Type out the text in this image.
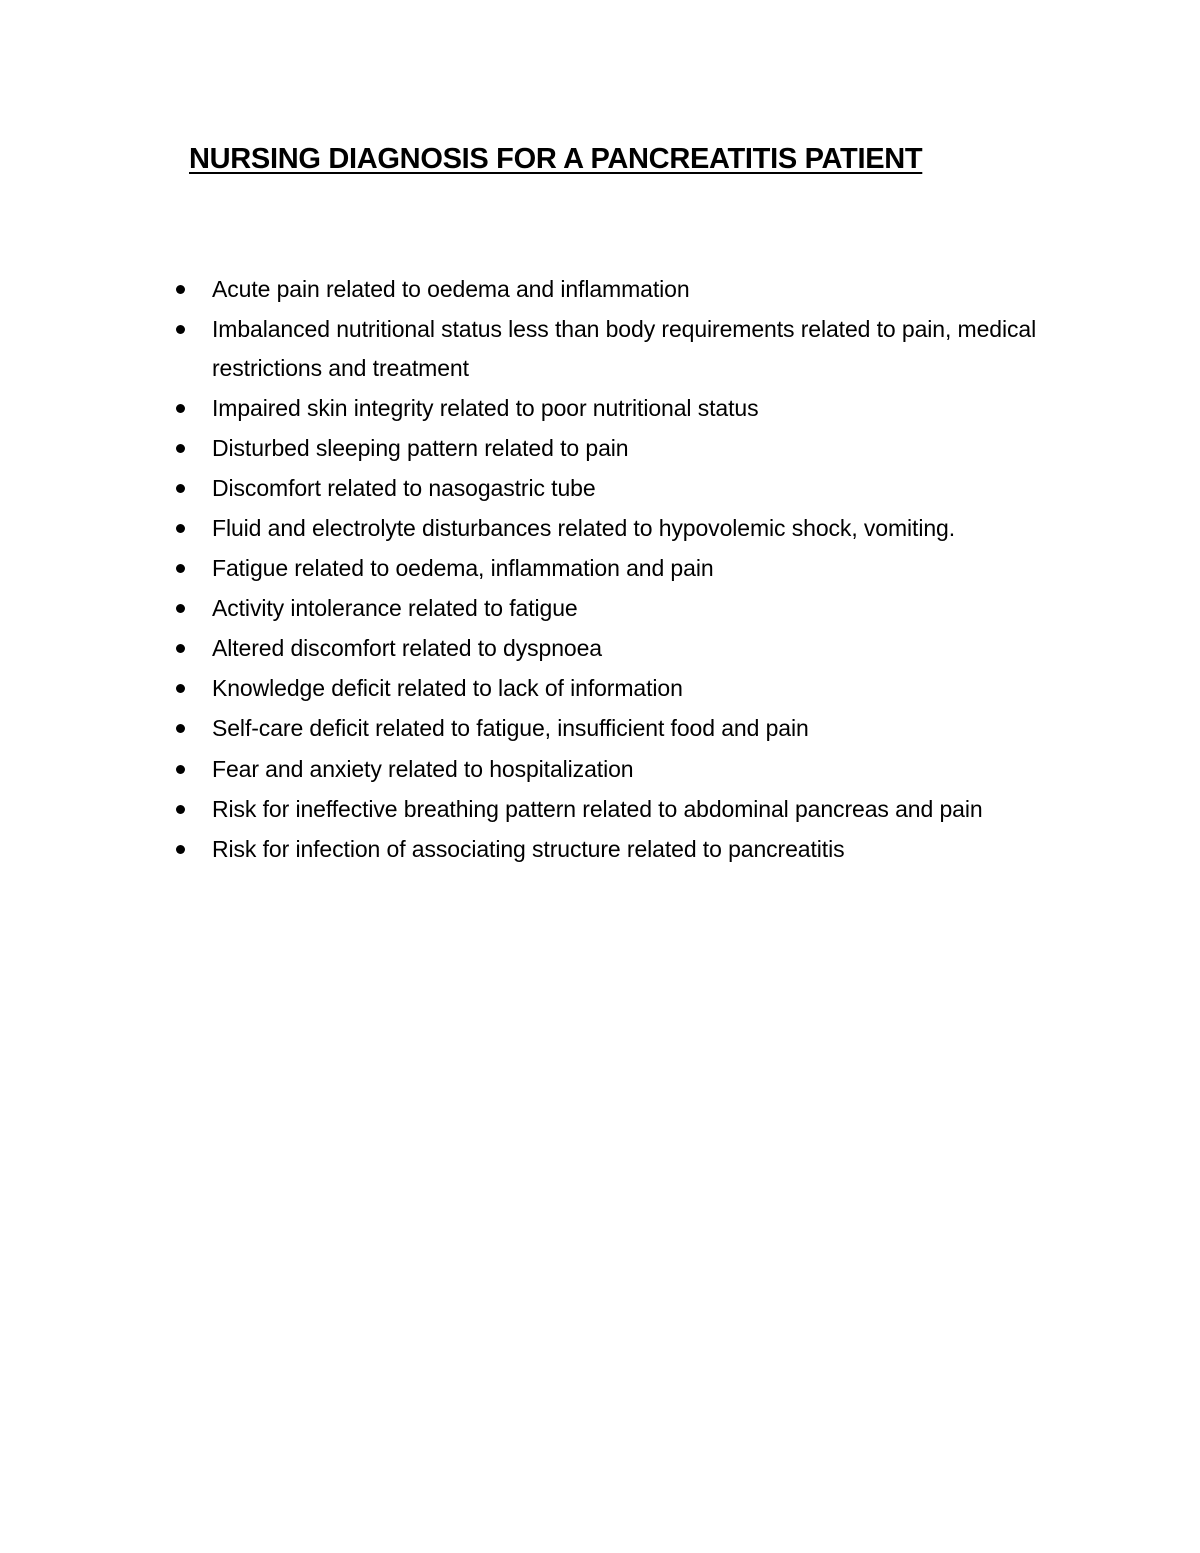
NURSING DIAGNOSIS FOR A PANCREATITIS PATIENT
Acute pain related to oedema and inflammation
Imbalanced nutritional status less than body requirements related to pain, medical restrictions and treatment
Impaired skin integrity related to poor nutritional status
Disturbed sleeping pattern related to pain
Discomfort related to nasogastric tube
Fluid and electrolyte disturbances related to hypovolemic shock, vomiting.
Fatigue related to oedema, inflammation and pain
Activity intolerance related to fatigue
Altered discomfort related to dyspnoea
Knowledge deficit related to lack of information
Self-care deficit related to fatigue, insufficient food and pain
Fear and anxiety related to hospitalization
Risk for ineffective breathing pattern related to abdominal pancreas and pain
Risk for infection of associating structure related to pancreatitis
